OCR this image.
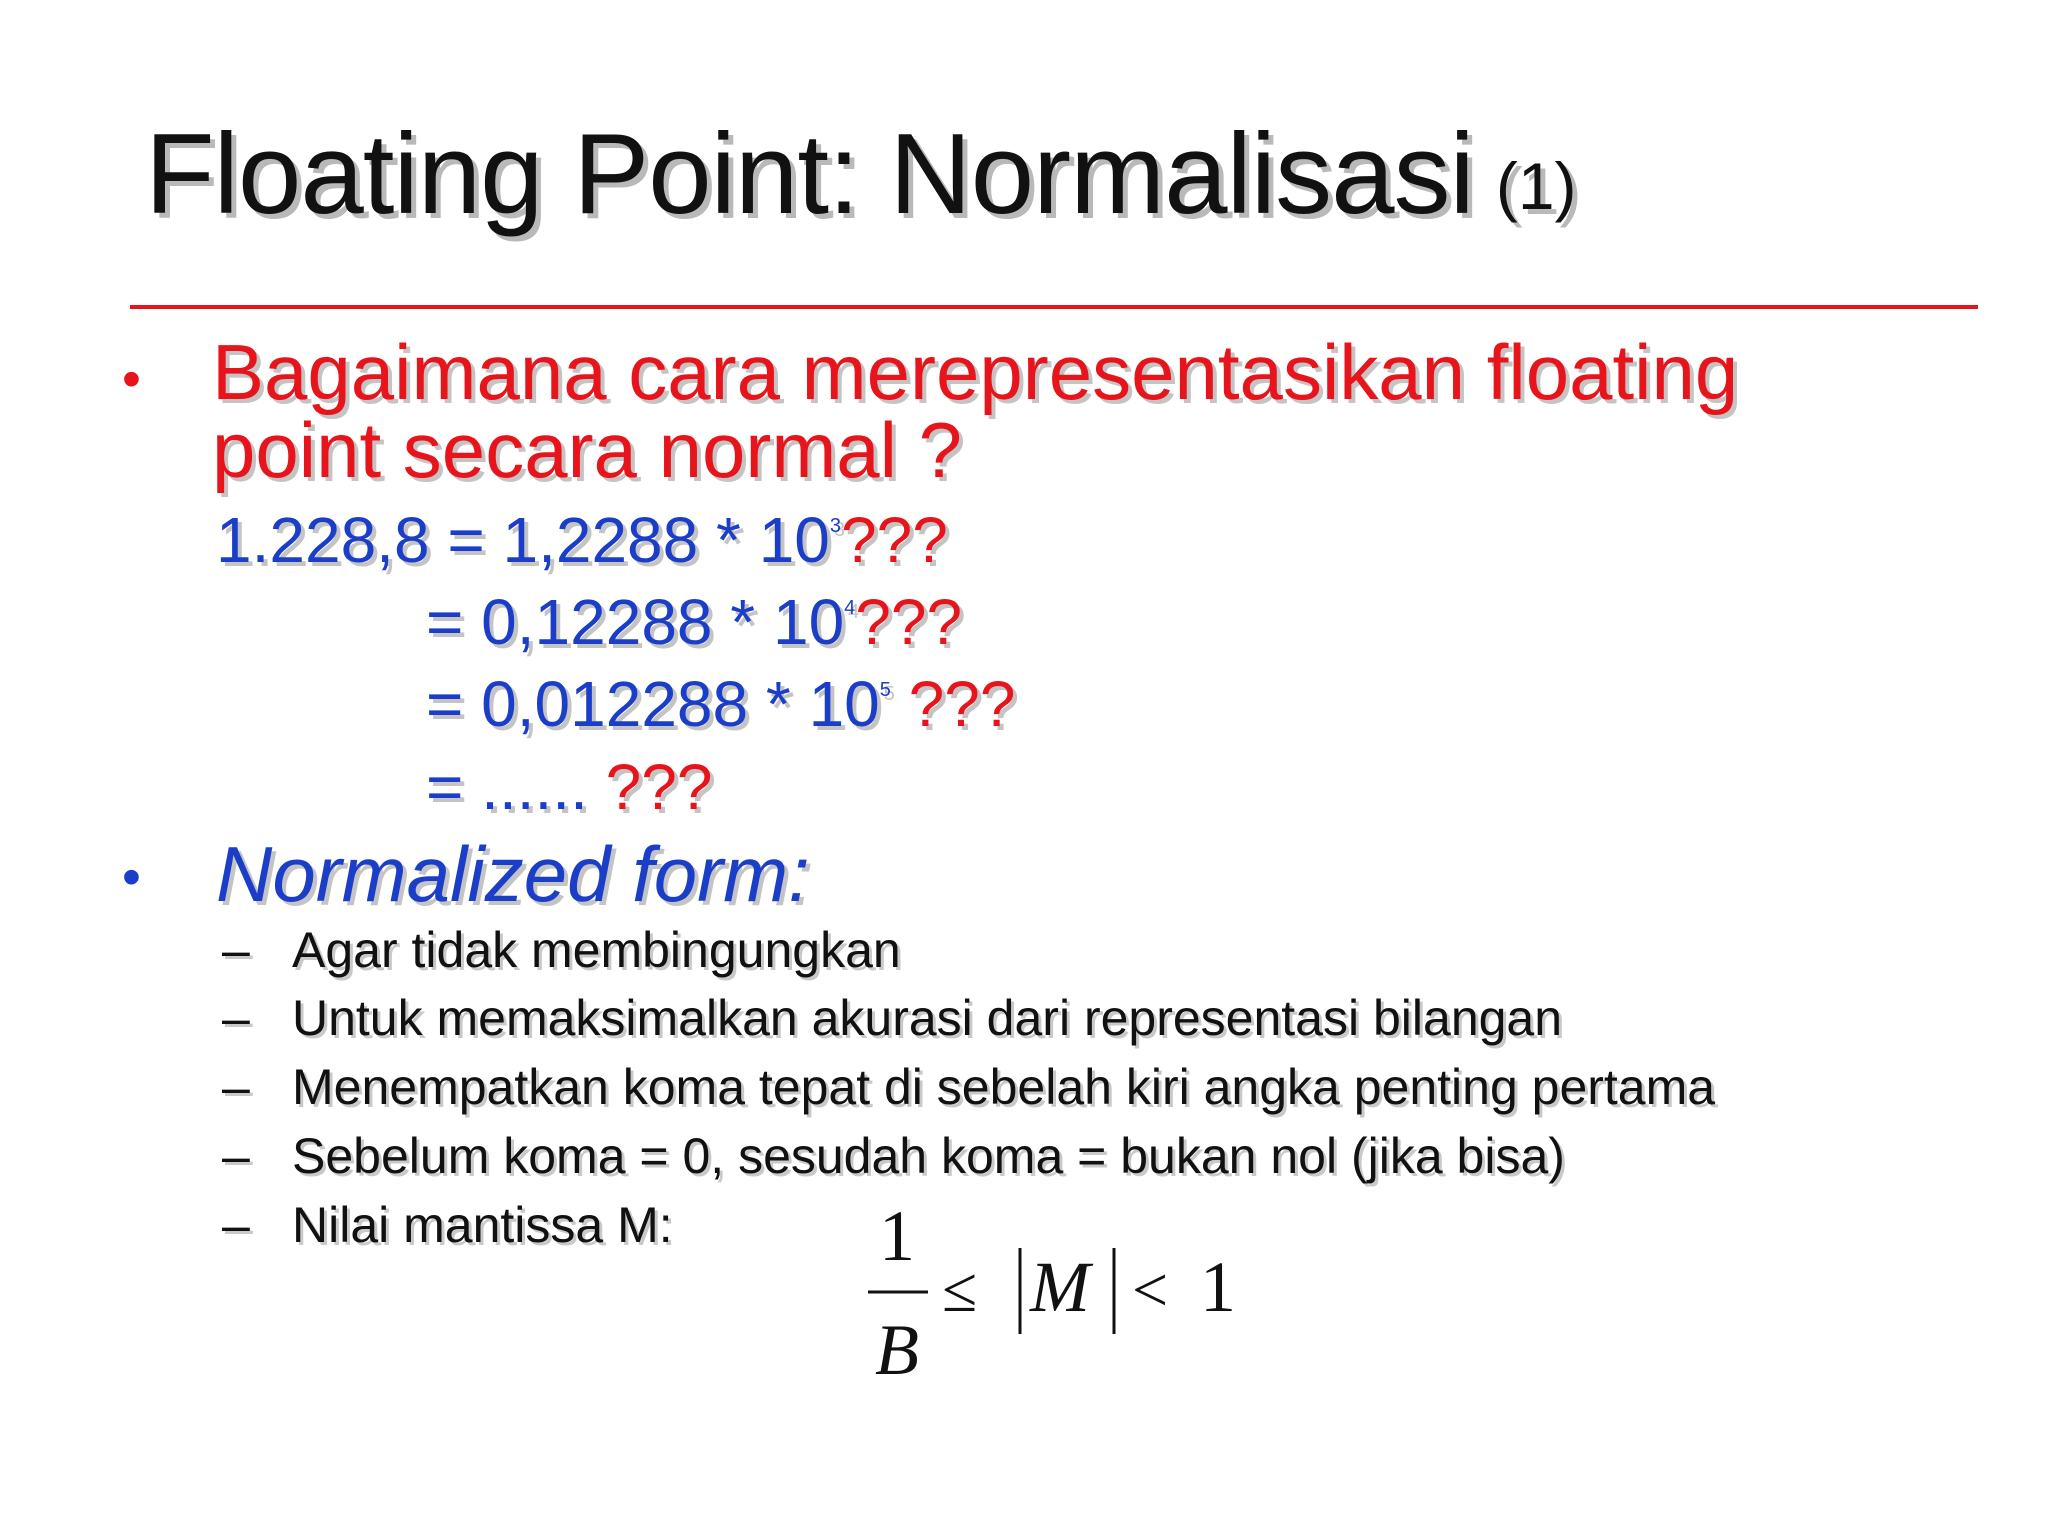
Floating Point: Normalisasi (1)
• Bagaimana cara merepresentasikan floating point secara normal ?
$1.228,8 = 1,2288 * 10^3$???
= $0,12288 * 10^4$???
= $0,012288 * 10^5$ ???
= ...... ???
• Normalized form:
– Agar tidak membingungkan
– Untuk memaksimalkan akurasi dari representasi bilangan
– Menempatkan koma tepat di sebelah kiri angka penting pertama
– Sebelum koma = 0, sesudah koma = bukan nol (jika bisa)
– Nilai mantissa M:	1
B
≤ M < 1
